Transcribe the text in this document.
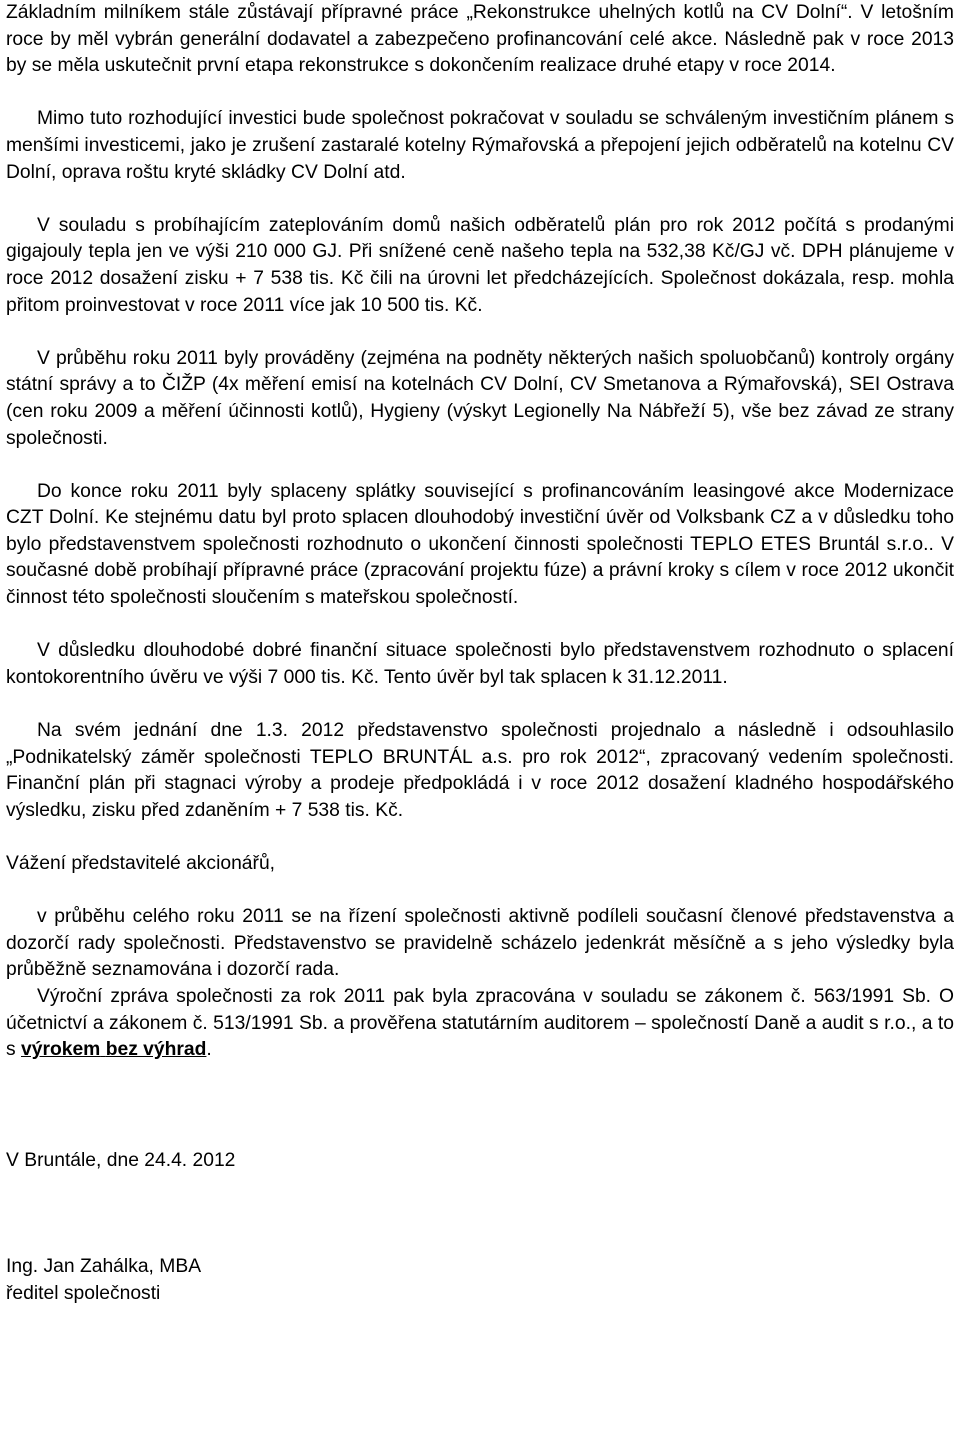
Základním milníkem stále zůstávají přípravné práce „Rekonstrukce uhelných kotlů na CV Dolní“. V letošním roce by měl vybrán generální dodavatel a zabezpečeno profinancování celé akce. Následně pak v roce 2013 by se měla uskutečnit první etapa rekonstrukce s dokončením realizace druhé etapy v roce 2014.

Mimo tuto rozhodující investici bude společnost pokračovat v souladu se schváleným investičním plánem s menšími investicemi, jako je zrušení zastaralé kotelny Rýmařovská a přepojení jejich odběratelů na kotelnu CV Dolní, oprava roštu kryté skládky CV Dolní atd.

V souladu s probíhajícím zateplováním domů našich odběratelů plán pro rok 2012 počítá s prodanými gigajouly tepla jen ve výši 210 000 GJ. Při snížené ceně našeho tepla na 532,38 Kč/GJ vč. DPH plánujeme v roce 2012 dosažení zisku + 7 538 tis. Kč čili na úrovni let předcházejících. Společnost dokázala, resp. mohla přitom proinvestovat v roce 2011 více jak 10 500 tis. Kč.

V průběhu roku 2011 byly prováděny (zejména na podněty některých našich spoluobčanů) kontroly orgány státní správy a to ČIŽP (4x měření emisí na kotelnách CV Dolní, CV Smetanova a Rýmařovská), SEI Ostrava (cen roku 2009 a měření účinnosti kotlů), Hygieny (výskyt Legionelly Na Nábřeží 5), vše bez závad ze strany společnosti.

Do konce roku 2011 byly splaceny splátky související s profinancováním leasingové akce Modernizace CZT Dolní. Ke stejnému datu byl proto splacen dlouhodobý investiční úvěr od Volksbank CZ a v důsledku toho bylo představenstvem společnosti rozhodnuto o ukončení činnosti společnosti TEPLO ETES Bruntál s.r.o.. V současné době probíhají přípravné práce (zpracování projektu fúze) a právní kroky s cílem v roce 2012 ukončit činnost této společnosti sloučením s mateřskou společností.

V důsledku dlouhodobé dobré finanční situace společnosti bylo představenstvem rozhodnuto o splacení kontokorentního úvěru ve výši 7 000 tis. Kč. Tento úvěr byl tak splacen k 31.12.2011.

Na svém jednání dne 1.3. 2012 představenstvo společnosti projednalo a následně i odsouhlasilo „Podnikatelský záměr společnosti TEPLO BRUNTÁL a.s. pro rok 2012“, zpracovaný vedením společnosti. Finanční plán při stagnaci výroby a prodeje předpokládá i v roce 2012 dosažení kladného hospodářského výsledku, zisku před zdaněním + 7 538 tis. Kč.

Vážení představitelé akcionářů,

v průběhu celého roku 2011 se na řízení společnosti aktivně podíleli současní členové představenstva a dozorčí rady společnosti. Představenstvo se pravidelně scházelo jedenkrát měsíčně a s jeho výsledky byla průběžně seznamována i dozorčí rada.

Výroční zpráva společnosti za rok 2011 pak byla zpracována v souladu se zákonem č. 563/1991 Sb. O účetnictví a zákonem č. 513/1991 Sb. a prověřena statutárním auditorem – společností Daně a audit s r.o., a to s výrokem bez výhrad.

V Bruntále, dne 24.4. 2012

Ing. Jan Zahálka, MBA

ředitel společnosti
